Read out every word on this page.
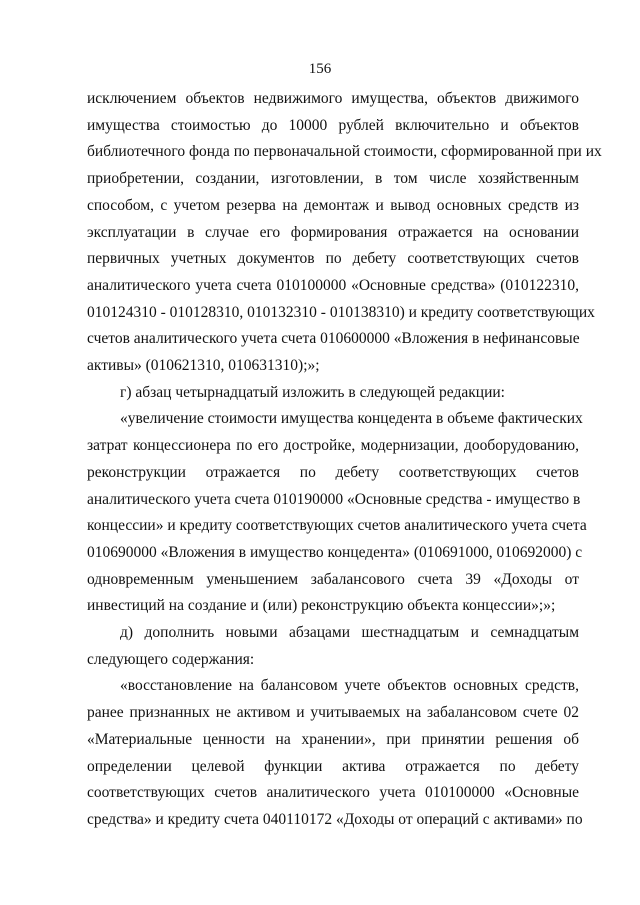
156
исключением объектов недвижимого имущества, объектов движимого
имущества стоимостью до 10000 рублей включительно и объектов
библиотечного фонда по первоначальной стоимости, сформированной при их
приобретении, создании, изготовлении, в том числе хозяйственным
способом, с учетом резерва на демонтаж и вывод основных средств из
эксплуатации в случае его формирования отражается на основании
первичных учетных документов по дебету соответствующих счетов
аналитического учета счета 010100000 «Основные средства» (010122310,
010124310 - 010128310, 010132310 - 010138310) и кредиту соответствующих
счетов аналитического учета счета 010600000 «Вложения в нефинансовые
активы» (010621310, 010631310);»;
г) абзац четырнадцатый изложить в следующей редакции:
«увеличение стоимости имущества концедента в объеме фактических
затрат концессионера по его достройке, модернизации, дооборудованию,
реконструкции отражается по дебету соответствующих счетов
аналитического учета счета 010190000 «Основные средства - имущество в
концессии» и кредиту соответствующих счетов аналитического учета счета
010690000 «Вложения в имущество концедента» (010691000, 010692000) с
одновременным уменьшением забалансового счета 39 «Доходы от
инвестиций на создание и (или) реконструкцию объекта концессии»;»;
д) дополнить новыми абзацами шестнадцатым и семнадцатым
следующего содержания:
«восстановление на балансовом учете объектов основных средств,
ранее признанных не активом и учитываемых на забалансовом счете 02
«Материальные ценности на хранении», при принятии решения об
определении целевой функции актива отражается по дебету
соответствующих счетов аналитического учета 010100000 «Основные
средства» и кредиту счета 040110172 «Доходы от операций с активами» по
